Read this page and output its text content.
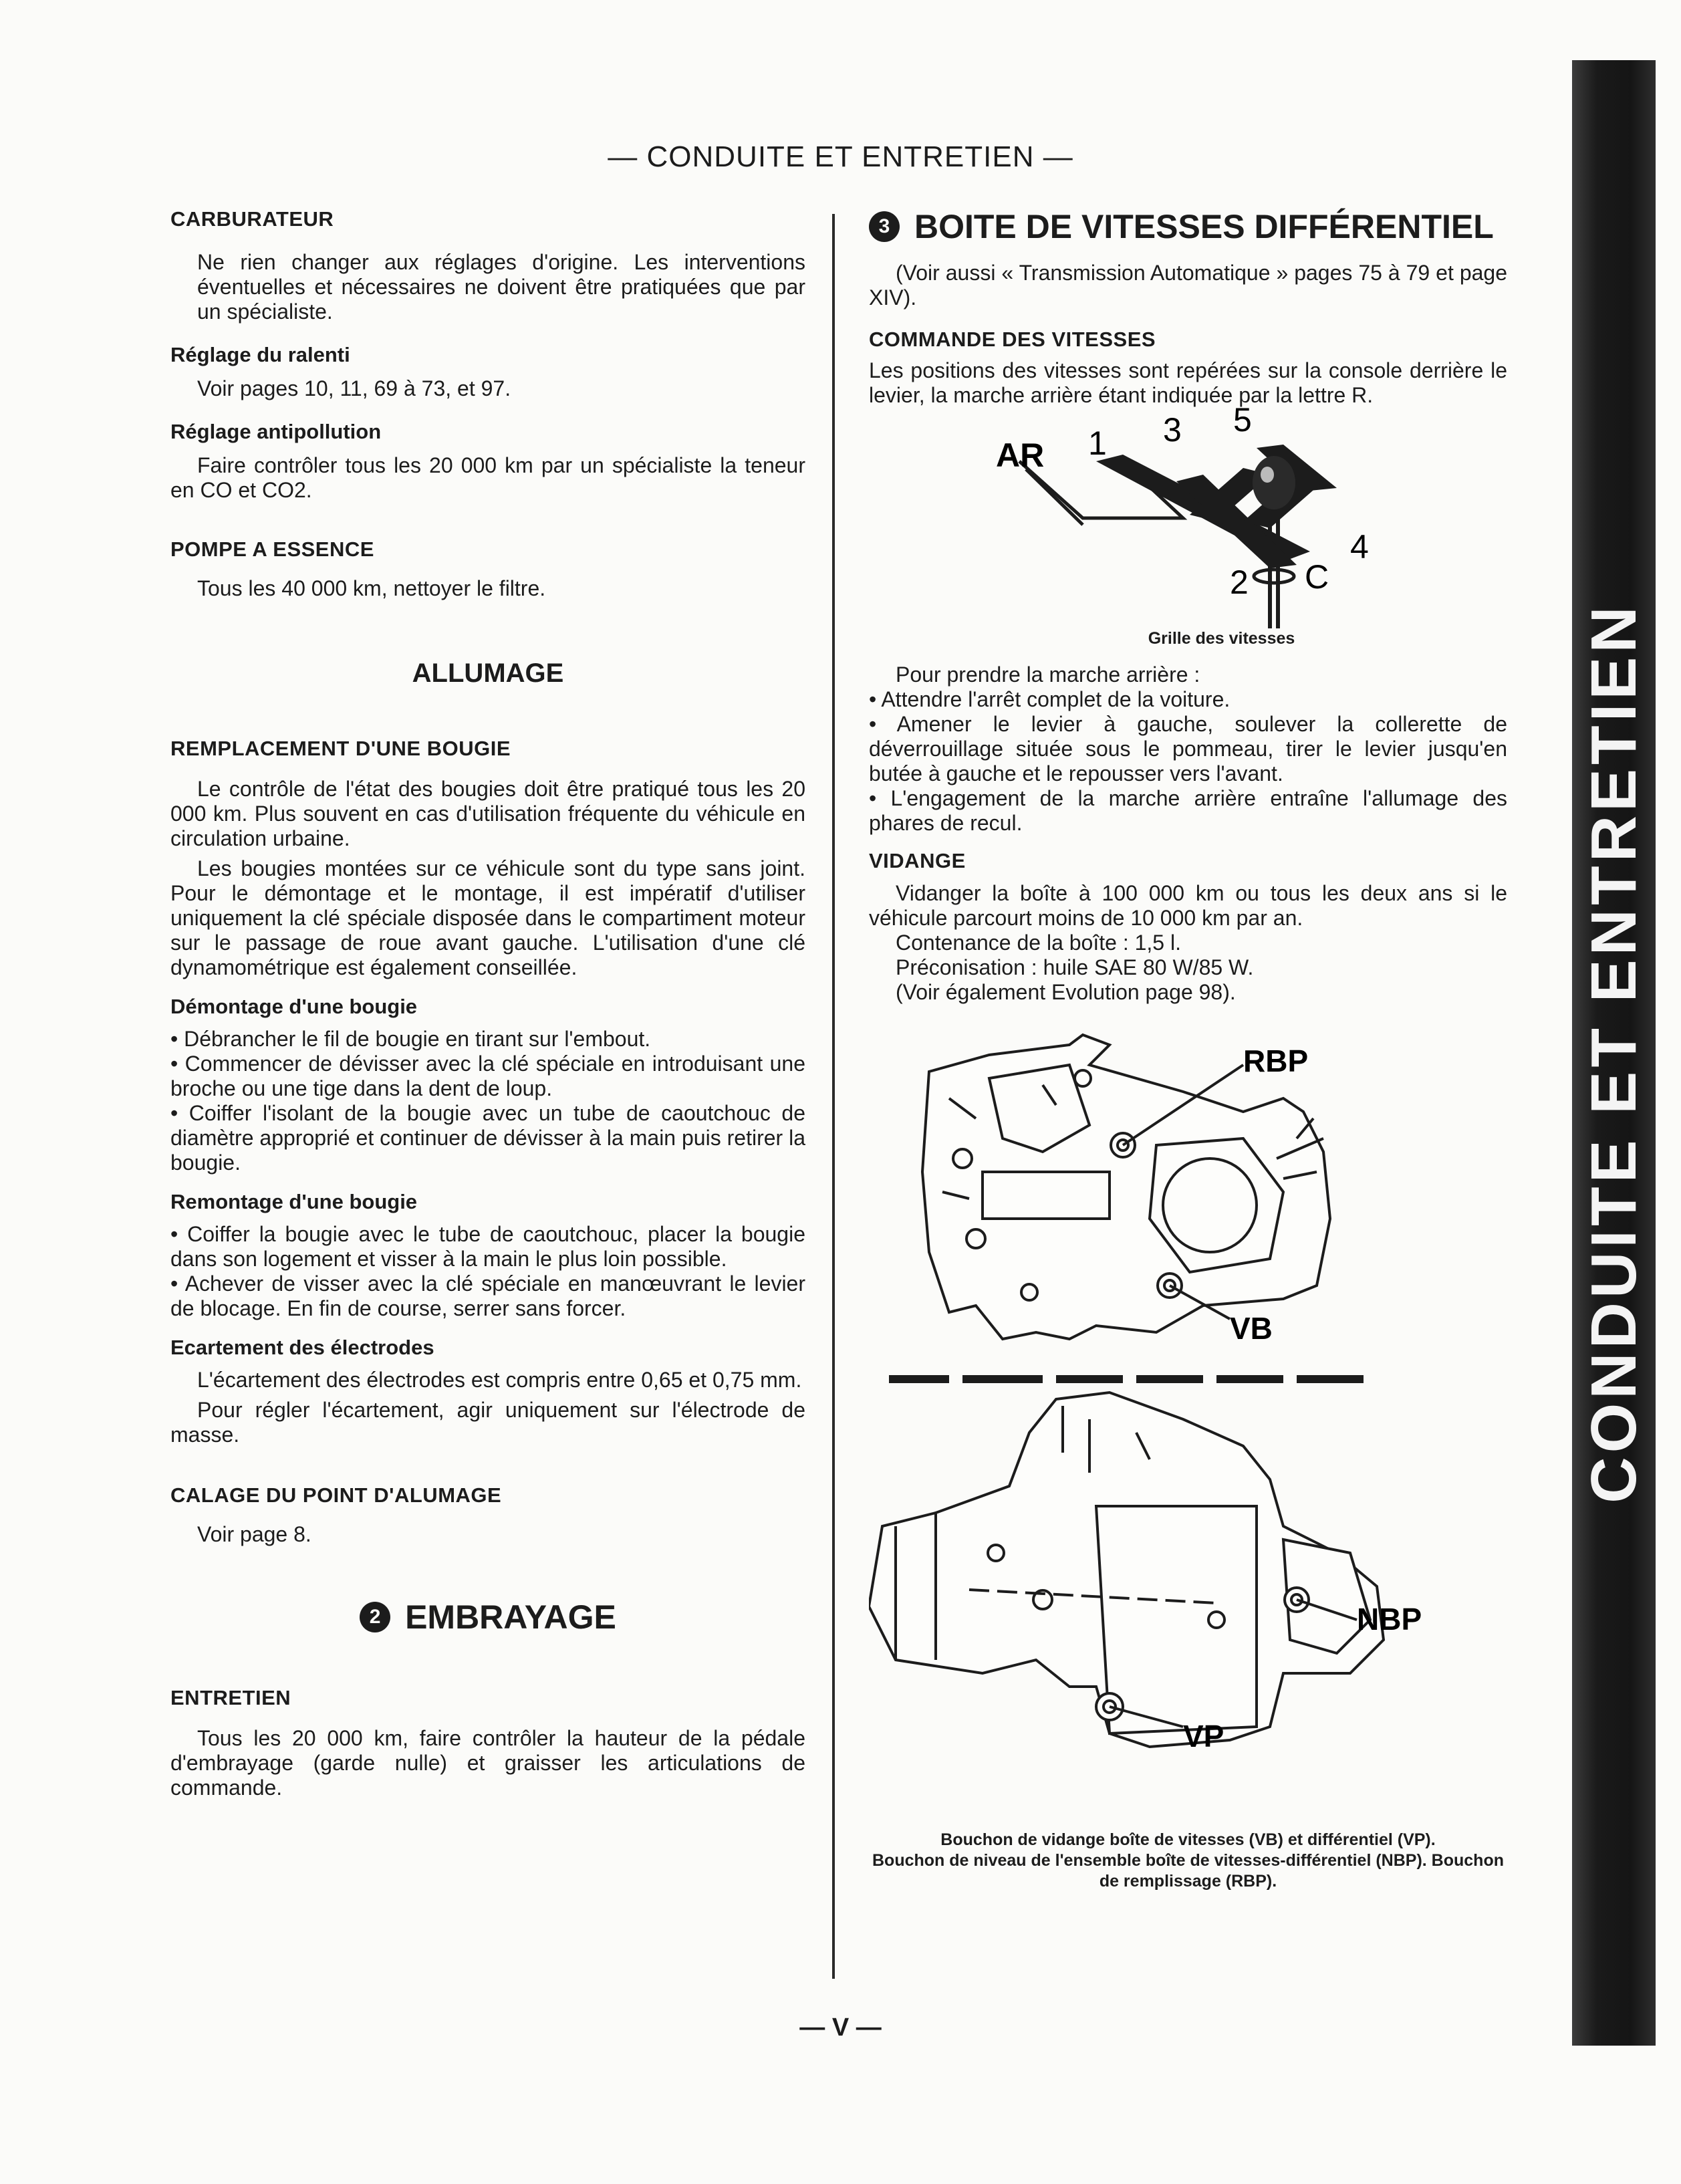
— CONDUITE ET ENTRETIEN —

CARBURATEUR

Ne rien changer aux réglages d'origine. Les interventions éventuelles et nécessaires ne doivent être pratiquées que par un spécialiste.

Réglage du ralenti

Voir pages 10, 11, 69 à 73, et 97.

Réglage antipollution

Faire contrôler tous les 20 000 km par un spécialiste la teneur en CO et CO2.

POMPE A ESSENCE

Tous les 40 000 km, nettoyer le filtre.

ALLUMAGE

REMPLACEMENT D'UNE BOUGIE

Le contrôle de l'état des bougies doit être pratiqué tous les 20 000 km. Plus souvent en cas d'utilisation fréquente du véhicule en circulation urbaine.

Les bougies montées sur ce véhicule sont du type sans joint. Pour le démontage et le montage, il est impératif d'utiliser uniquement la clé spéciale disposée dans le compartiment moteur sur le passage de roue avant gauche. L'utilisation d'une clé dynamométrique est également conseillée.

Démontage d'une bougie

• Débrancher le fil de bougie en tirant sur l'embout.

• Commencer de dévisser avec la clé spéciale en introduisant une broche ou une tige dans la dent de loup.

• Coiffer l'isolant de la bougie avec un tube de caoutchouc de diamètre approprié et continuer de dévisser à la main puis retirer la bougie.

Remontage d'une bougie

• Coiffer la bougie avec le tube de caoutchouc, placer la bougie dans son logement et visser à la main le plus loin possible.

• Achever de visser avec la clé spéciale en manœuvrant le levier de blocage. En fin de course, serrer sans forcer.

Ecartement des électrodes

L'écartement des électrodes est compris entre 0,65 et 0,75 mm.

Pour régler l'écartement, agir uniquement sur l'électrode de masse.

CALAGE DU POINT D'ALUMAGE

Voir page 8.

2 EMBRAYAGE

ENTRETIEN

Tous les 20 000 km, faire contrôler la hauteur de la pédale d'embrayage (garde nulle) et graisser les articulations de commande.

3 BOITE DE VITESSES DIFFÉRENTIEL

(Voir aussi « Transmission Automatique » pages 75 à 79 et page XIV).

COMMANDE DES VITESSES

Les positions des vitesses sont repérées sur la console derrière le levier, la marche arrière étant indiquée par la lettre R.

AR 1 3 5
4
2 C

Grille des vitesses

Pour prendre la marche arrière :

• Attendre l'arrêt complet de la voiture.

• Amener le levier à gauche, soulever la collerette de déverrouillage située sous le pommeau, tirer le levier jusqu'en butée à gauche et le repousser vers l'avant.

• L'engagement de la marche arrière entraîne l'allumage des phares de recul.

VIDANGE

Vidanger la boîte à 100 000 km ou tous les deux ans si le véhicule parcourt moins de 10 000 km par an.

Contenance de la boîte : 1,5 l.

Préconisation : huile SAE 80 W/85 W.

(Voir également Evolution page 98).

RBP
VB
NBP
VP

Bouchon de vidange boîte de vitesses (VB) et différentiel (VP).

Bouchon de niveau de l'ensemble boîte de vitesses-différentiel (NBP). Bouchon de remplissage (RBP).

CONDUITE ET ENTRETIEN
— V —
